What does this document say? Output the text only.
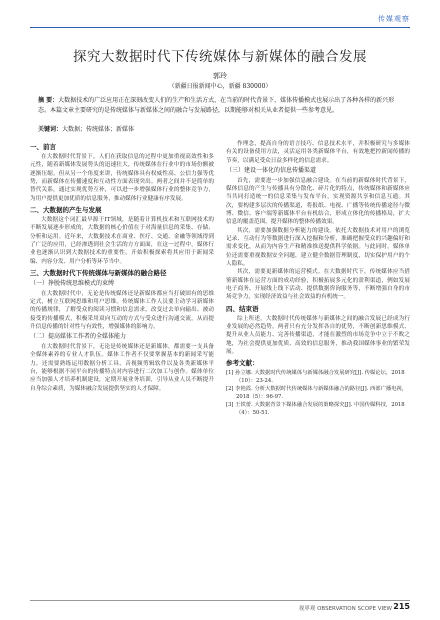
传媒观察
探究大数据时代下传统媒体与新媒体的融合发展
郭玲
（新疆日报新闻中心，新疆 830000）
摘 要：大数据技术的广泛应用正在深刻改变人们的生产和生活方式，在当前的时代背景下，媒体传播模式也展示出了各种各样的新兴形态。本篇文章主要研究的是传统媒体与新媒体之间的融合与发展路径，以期能够对相关从业者提供一些参考意见。
关键词：大数据；传统媒体；新媒体
一、前言
在大数据时代背景下，人们在获取信息的过程中更加重视高效性和多元性，随着新媒体发展势头的迅速壮大，传统媒体在行业中的市场份额被逐渐压缩。但从另一个角度来讲，传统媒体具有权威性高、公信力强等优势，而新媒体在传播速度和互动性方面表现突出。两者之间并不是简单的替代关系，通过实现优势互补，可以进一步增强媒体行业的整体竞争力，为用户提供更加优质的信息服务，推动媒体行业健康有序发展。
二、大数据的产生与发展
大数据这个词汇最早源于IT领域，是随着计算机技术和互联网技术的不断发展逐步形成的，大数据的核心价值在于对海量信息的采集、存储、分析和运用。近年来，大数据技术在商业、医疗、交通、金融等领域得到了广泛的应用，已经渗透到社会生活的方方面面，在这一过程中，媒体行业也逐渐认识到大数据技术的重要性，开始积极探索将其应用于新闻采编、内容分发、用户分析等环节当中。
三、大数据时代下传统媒体与新媒体的融合路径
（一）挣脱传统思维模式的束缚
在大数据时代中，无论是传统媒体还是新媒体都应当打破固有的思维定式，树立互联网思维和用户思维。传统媒体工作人员要主动学习新媒体的传播规律，了解受众的阅读习惯和信息需求，改变过去单向输出、被动接受的传播模式，积极采用双向互动的方式与受众进行沟通交流，从而提升信息传播的针对性与有效性，增强媒体的影响力。
（二）提高媒体工作者的全媒体能力
在大数据时代背景下，无论是传统媒体还是新媒体，都需要一支具备全媒体素养的专业人才队伍。媒体工作者不仅要掌握基本的新闻采写能力，还需要熟练运用数据分析工具、音视频剪辑软件以及各类新媒体平台，能够根据不同平台的传播特点对内容进行二次加工与创作。媒体单位应当加强人才培养机制建设，定期开展业务培训，引导从业人员不断提升自身综合素质，为媒体融合发展提供坚实的人才保障。
作理念，提高自身的语言技巧、信息技术水平，并积极研究与多媒体有关的设备使用方法，灵活运用各类新媒体平台，有效地把控新闻传播的节奏，以满足受众日益多样化的信息需求。
（三）建设一体化的信息传播渠道
首先，需要进一步加强信息融合建设。在当前的新媒体时代背景下，媒体信息的产生与传播具有分散化、碎片化的特点，传统媒体和新媒体应当共同打造统一的信息采集与发布平台，实现资源共享和信息互通。其次，要构建多层次的传播渠道，将报纸、电视、广播等传统传播途径与微博、微信、客户端等新媒体平台有机结合，形成立体化的传播格局，扩大信息的覆盖范围，提升媒体的整体传播效果。
其次，需要加强数据分析能力的建设。依托大数据技术对用户的浏览记录、互动行为等数据进行深入挖掘和分析，准确把握受众的兴趣偏好和需求变化，从而为内容生产和精准推送提供科学依据。与此同时，媒体单位还需要重视数据安全问题，建立健全数据管理制度，切实保护用户的个人隐私。
其次，需要更新媒体的运营模式。在大数据时代下，传统媒体应当借鉴新媒体在运营方面的成功经验，积极拓展多元化的盈利渠道，例如发展电子商务、开展线上线下活动、提供数据咨询服务等，不断增强自身的市场竞争力，实现经济效益与社会效益的有机统一。
四、结束语
综上所述，大数据时代传统媒体与新媒体之间的融合发展已经成为行业发展的必然趋势。两者只有充分发挥各自的优势，不断创新思维模式、提升从业人员能力、完善传播渠道，才能在激烈的市场竞争中立于不败之地，为社会提供更加优质、高效的信息服务，推动我国媒体事业的繁荣发展。
参考文献：
[1] 孙立娜. 大数据时代传统媒体与新媒体融合发展研究[J]. 传媒论坛，2018（10）：23-24.
[2] 李艳霞. 分析大数据时代传统媒体与新媒体融合的路径[J]. 西部广播电视，2018（5）：96-97.
[3] 王铁蕾. 大数据背景下媒体融合发展的策略探究[J]. 中国传媒科技，2018（4）：50-51.
视界观 OBSERVATION SCOPE VIEW 215
